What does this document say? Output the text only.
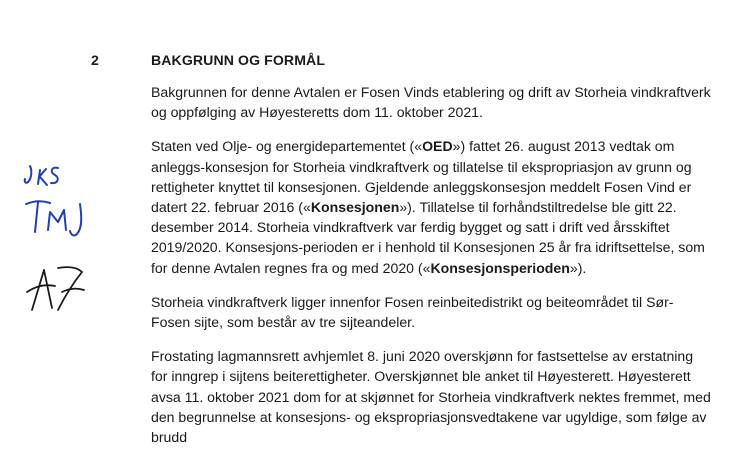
2	BAKGRUNN OG FORMÅL

Bakgrunnen for denne Avtalen er Fosen Vinds etablering og drift av Storheia vindkraftverk og oppfølging av Høyesteretts dom 11. oktober 2021.

Staten ved Olje- og energidepartementet («OED») fattet 26. august 2013 vedtak om anleggs-konsesjon for Storheia vindkraftverk og tillatelse til ekspropriasjon av grunn og rettigheter knyttet til konsesjonen. Gjeldende anleggskonsesjon meddelt Fosen Vind er datert 22. februar 2016 («Konsesjonen»). Tillatelse til forhåndstiltredelse ble gitt 22. desember 2014. Storheia vindkraftverk var ferdig bygget og satt i drift ved årsskiftet 2019/2020. Konsesjons-perioden er i henhold til Konsesjonen 25 år fra idriftsettelse, som for denne Avtalen regnes fra og med 2020 («Konsesjonsperioden»).

Storheia vindkraftverk ligger innenfor Fosen reinbeitedistrikt og beiteområdet til Sør-Fosen sijte, som består av tre sijteandeler.

Frostating lagmannsrett avhjemlet 8. juni 2020 overskjønn for fastsettelse av erstatning for inngrep i sijtens beiterettigheter. Overskjønnet ble anket til Høyesterett. Høyesterett avsa 11. oktober 2021 dom for at skjønnet for Storheia vindkraftverk nektes fremmet, med den begrunnelse at konsesjons- og ekspropriasjonsvedtakene var ugyldige, som følge av brudd
